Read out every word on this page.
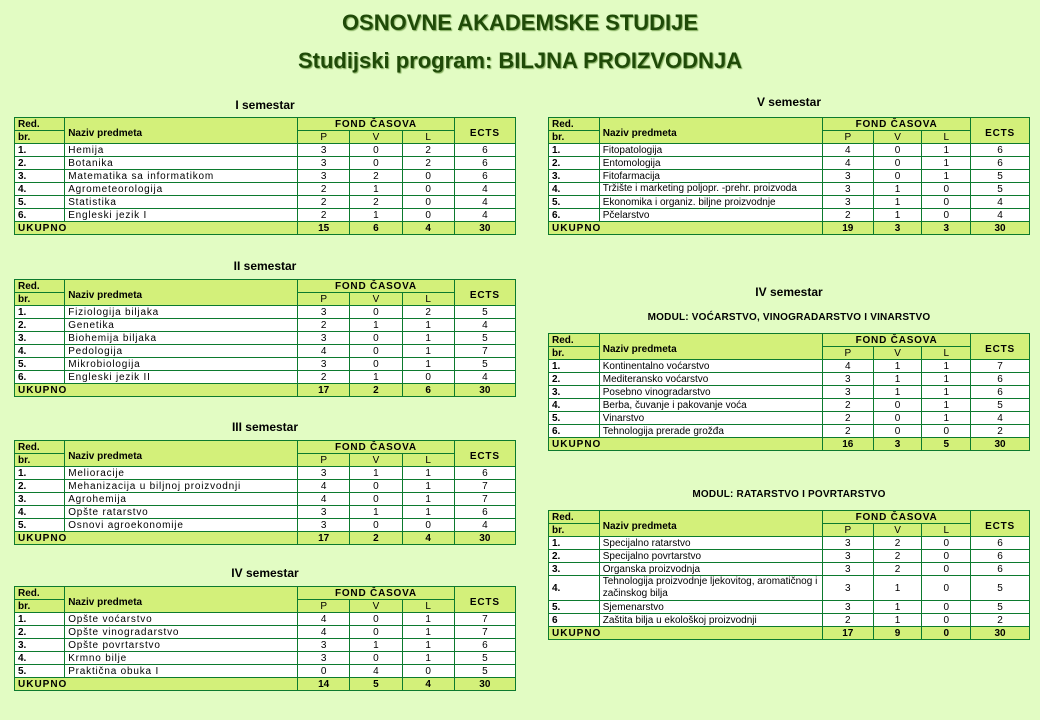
OSNOVNE AKADEMSKE STUDIJE
Studijski program: BILJNA PROIZVODNJA
I semestar
Red.	Naziv predmeta	FOND ČASOVA			ECTS
br.		P	V	L	
1.	Hemija	3	0	2	6
2.	Botanika	3	0	2	6
3.	Matematika sa informatikom	3	2	0	6
4.	Agrometeorologija	2	1	0	4
5.	Statistika	2	2	0	4
6.	Engleski jezik I	2	1	0	4
UKUPNO		15	6	4	30
II semestar
Red.	Naziv predmeta	FOND ČASOVA			ECTS
br.		P	V	L	
1.	Fiziologija biljaka	3	0	2	5
2.	Genetika	2	1	1	4
3.	Biohemija biljaka	3	0	1	5
4.	Pedologija	4	0	1	7
5.	Mikrobiologija	3	0	1	5
6.	Engleski jezik II	2	1	0	4
UKUPNO		17	2	6	30
III semestar
Red.	Naziv predmeta	FOND ČASOVA			ECTS
br.		P	V	L	
1.	Melioracije	3	1	1	6
2.	Mehanizacija u biljnoj proizvodnji	4	0	1	7
3.	Agrohemija	4	0	1	7
4.	Opšte ratarstvo	3	1	1	6
5.	Osnovi agroekonomije	3	0	0	4
UKUPNO		17	2	4	30
IV semestar
Red.	Naziv predmeta	FOND ČASOVA			ECTS
br.		P	V	L	
1.	Opšte voćarstvo	4	0	1	7
2.	Opšte vinogradarstvo	4	0	1	7
3.	Opšte povrtarstvo	3	1	1	6
4.	Krmno bilje	3	0	1	5
5.	Praktična obuka I	0	4	0	5
UKUPNO		14	5	4	30
V semestar
Red.	Naziv predmeta	FOND ČASOVA			ECTS
br.		P	V	L	
1.	Fitopatologija	4	0	1	6
2.	Entomologija	4	0	1	6
3.	Fitofarmacija	3	0	1	5
4.	Tržište i marketing poljopr. -prehr. proizvoda	3	1	0	5
5.	Ekonomika i organiz. biljne proizvodnje	3	1	0	4
6.	Pčelarstvo	2	1	0	4
UKUPNO		19	3	3	30
IV semestar
MODUL: VOĆARSTVO, VINOGRADARSTVO I VINARSTVO
Red.	Naziv predmeta	FOND ČASOVA			ECTS
br.		P	V	L	
1.	Kontinentalno voćarstvo	4	1	1	7
2.	Mediteransko voćarstvo	3	1	1	6
3.	Posebno vinogradarstvo	3	1	1	6
4.	Berba, čuvanje i pakovanje voća	2	0	1	5
5.	Vinarstvo	2	0	1	4
6.	Tehnologija prerade grožđa	2	0	0	2
UKUPNO		16	3	5	30
MODUL: RATARSTVO I POVRTARSTVO
Red.	Naziv predmeta	FOND ČASOVA			ECTS
br.		P	V	L	
1.	Specijalno ratarstvo	3	2	0	6
2.	Specijalno povrtarstvo	3	2	0	6
3.	Organska proizvodnja	3	2	0	6
4.	Tehnologija proizvodnje ljekovitog, aromatičnog i začinskog bilja	3	1	0	5
5.	Sjemenarstvo	3	1	0	5
6	Zaštita bilja u ekološkoj proizvodnji	2	1	0	2
UKUPNO		17	9	0	30
